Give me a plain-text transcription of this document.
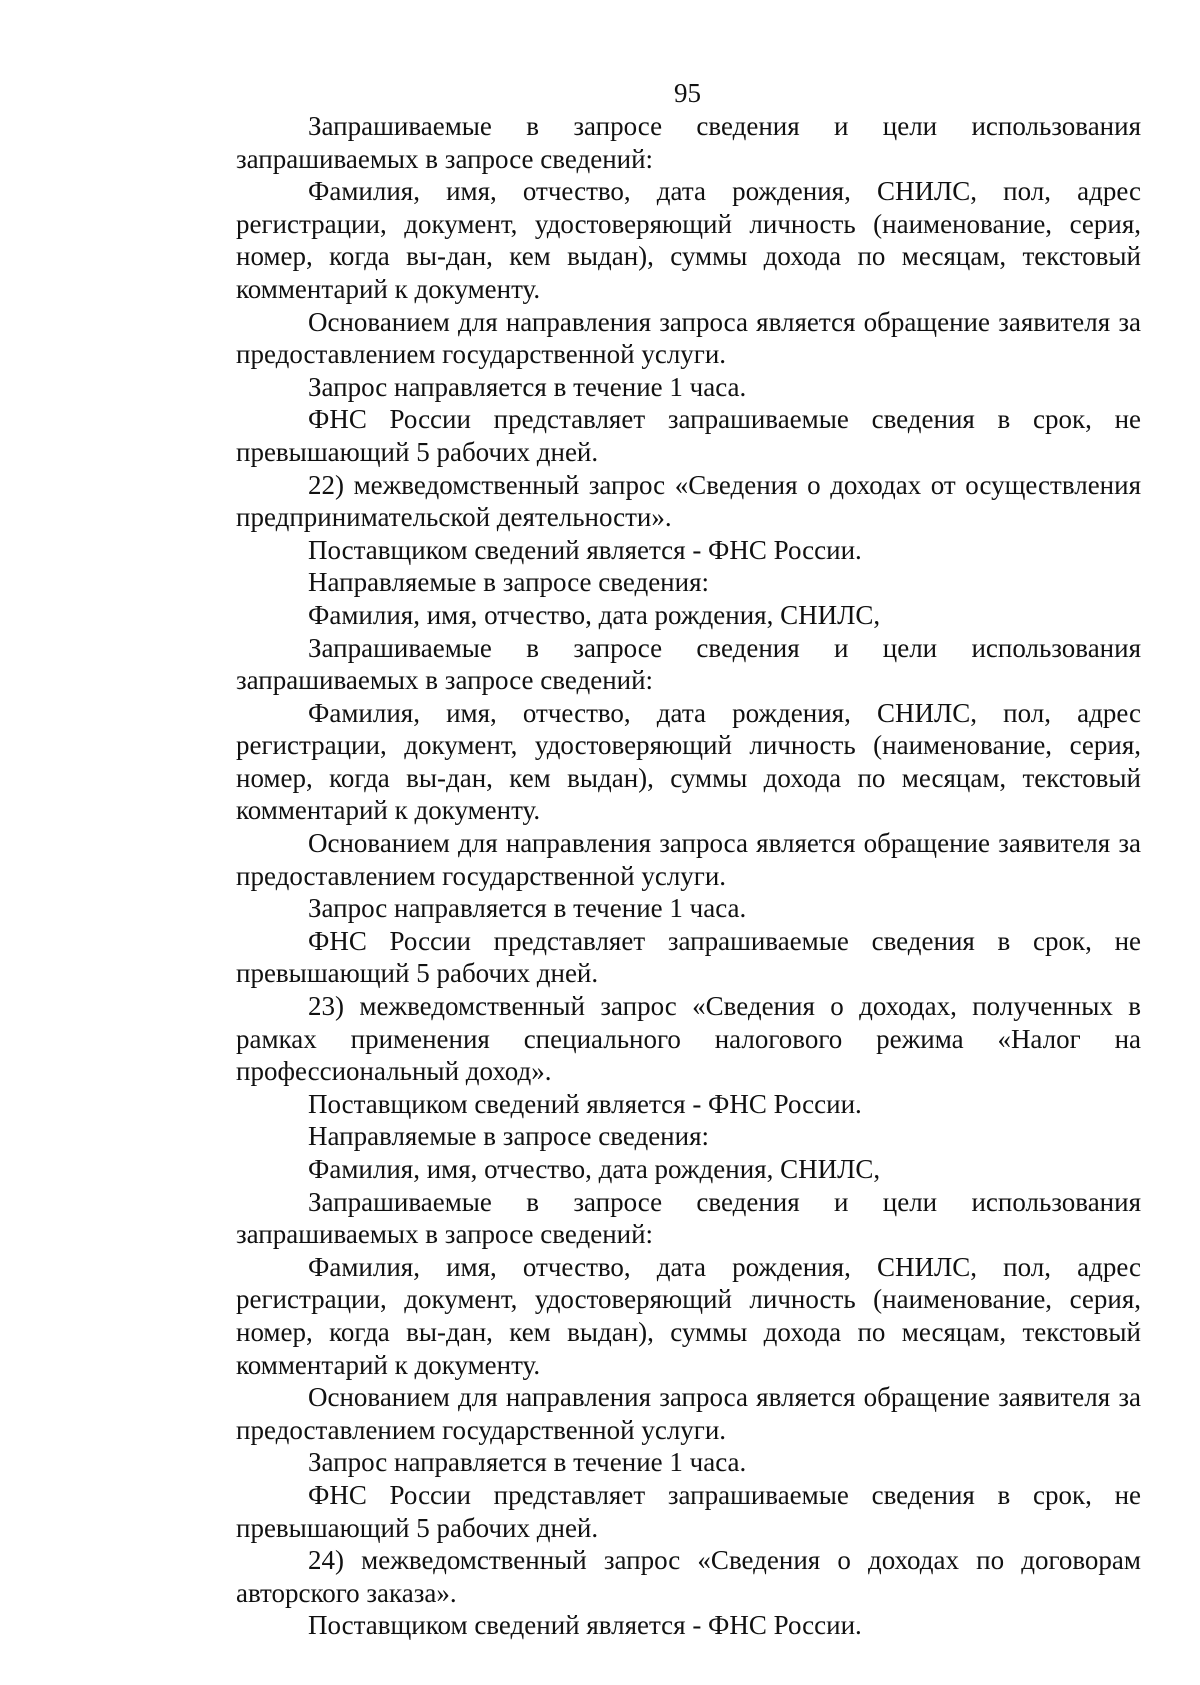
95

Запрашиваемые в запросе сведения и цели использования запрашиваемых в запросе сведений:

Фамилия, имя, отчество, дата рождения, СНИЛС, пол, адрес регистрации, документ, удостоверяющий личность (наименование, серия, номер, когда вы-дан, кем выдан), суммы дохода по месяцам, текстовый комментарий к документу.

Основанием для направления запроса является обращение заявителя за предоставлением государственной услуги.

Запрос направляется в течение 1 часа.

ФНС России представляет запрашиваемые сведения в срок, не превышающий 5 рабочих дней.

22) межведомственный запрос «Сведения о доходах от осуществления предпринимательской деятельности».

Поставщиком сведений является - ФНС России.

Направляемые в запросе сведения:

Фамилия, имя, отчество, дата рождения, СНИЛС,

Запрашиваемые в запросе сведения и цели использования запрашиваемых в запросе сведений:

Фамилия, имя, отчество, дата рождения, СНИЛС, пол, адрес регистрации, документ, удостоверяющий личность (наименование, серия, номер, когда вы-дан, кем выдан), суммы дохода по месяцам, текстовый комментарий к документу.

Основанием для направления запроса является обращение заявителя за предоставлением государственной услуги.

Запрос направляется в течение 1 часа.

ФНС России представляет запрашиваемые сведения в срок, не превышающий 5 рабочих дней.

23) межведомственный запрос «Сведения о доходах, полученных в рамках применения специального налогового режима «Налог на профессиональный доход».

Поставщиком сведений является - ФНС России.

Направляемые в запросе сведения:

Фамилия, имя, отчество, дата рождения, СНИЛС,

Запрашиваемые в запросе сведения и цели использования запрашиваемых в запросе сведений:

Фамилия, имя, отчество, дата рождения, СНИЛС, пол, адрес регистрации, документ, удостоверяющий личность (наименование, серия, номер, когда вы-дан, кем выдан), суммы дохода по месяцам, текстовый комментарий к документу.

Основанием для направления запроса является обращение заявителя за предоставлением государственной услуги.

Запрос направляется в течение 1 часа.

ФНС России представляет запрашиваемые сведения в срок, не превышающий 5 рабочих дней.

24) межведомственный запрос «Сведения о доходах по договорам авторского заказа».

Поставщиком сведений является - ФНС России.
